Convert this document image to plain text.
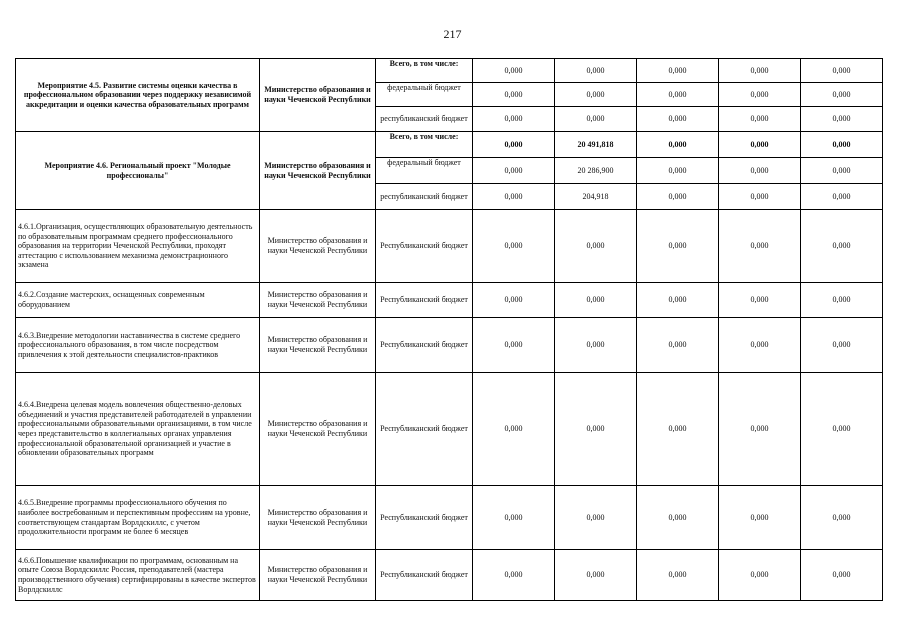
217
Мероприятие 4.5. Развитие системы оценки качества в профессиональном образовании через поддержку независимой аккредитации и оценки качества образовательных программ	Министерство образования и науки Чеченской Республики	Всего, в том числе:	0,000	0,000	0,000	0,000	0,000
		федеральный бюджет	0,000	0,000	0,000	0,000	0,000
		республиканский бюджет	0,000	0,000	0,000	0,000	0,000
Мероприятие 4.6. Региональный проект "Молодые профессионалы"	Министерство образования и науки Чеченской Республики	Всего, в том числе:	0,000	20 491,818	0,000	0,000	0,000
		федеральный бюджет	0,000	20 286,900	0,000	0,000	0,000
		республиканский бюджет	0,000	204,918	0,000	0,000	0,000
4.6.1.Организация, осуществляющих образовательную деятельность по образовательным программам среднего профессионального образования на территории Чеченской Республики, проходят аттестацию с использованием механизма демонстрационного экзамена	Министерство образования и науки Чеченской Республики	Республиканский бюджет	0,000	0,000	0,000	0,000	0,000
4.6.2.Создание мастерских, оснащенных современным оборудованием	Министерство образования и науки Чеченской Республики	Республиканский бюджет	0,000	0,000	0,000	0,000	0,000
4.6.3.Внедрение методологии наставничества в системе среднего профессионального образования, в том числе посредством привлечения к этой деятельности специалистов-практиков	Министерство образования и науки Чеченской Республики	Республиканский бюджет	0,000	0,000	0,000	0,000	0,000
4.6.4.Внедрена целевая модель вовлечения общественно-деловых объединений и участия представителей работодателей в управлении профессиональными образовательными организациями, в том числе через представительство в коллегиальных органах управления профессиональной образовательной организацией и участие в обновлении образовательных программ	Министерство образования и науки Чеченской Республики	Республиканский бюджет	0,000	0,000	0,000	0,000	0,000
4.6.5.Внедрение программы профессионального обучения по наиболее востребованным и перспективным профессиям на уровне, соответствующем стандартам Ворлдскиллс, с учетом продолжительности программ не более 6 месяцев	Министерство образования и науки Чеченской Республики	Республиканский бюджет	0,000	0,000	0,000	0,000	0,000
4.6.6.Повышение квалификации по программам, основанным на опыте Союза Ворлдскиллс Россия, преподавателей (мастера производственного обучения) сертифицированы в качестве экспертов Ворлдскиллс	Министерство образования и науки Чеченской Республики	Республиканский бюджет	0,000	0,000	0,000	0,000	0,000
